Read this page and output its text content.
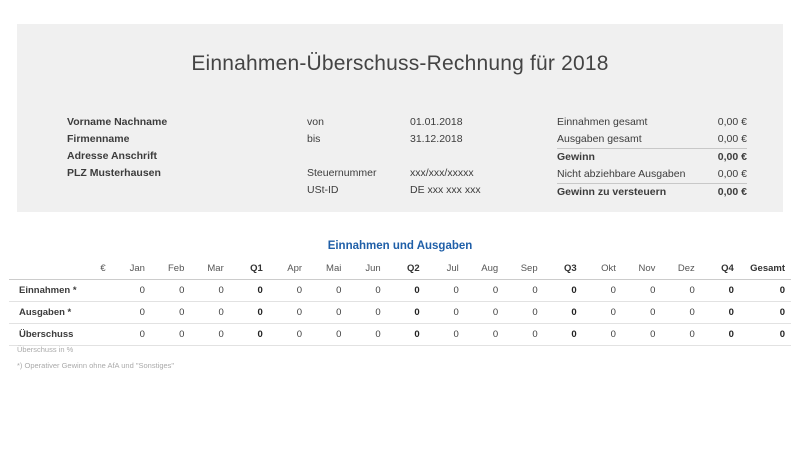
Einnahmen-Überschuss-Rechnung für 2018
Vorname Nachname
Firmenname
Adresse Anschrift
PLZ Musterhausen
von	01.01.2018
bis	31.12.2018
Steuernummer	xxx/xxx/xxxxx
USt-ID	DE xxx xxx xxx
Einnahmen gesamt	0,00 €
Ausgaben gesamt	0,00 €
Gewinn	0,00 €
Nicht abziehbare Ausgaben	0,00 €
Gewinn zu versteuern	0,00 €
Einnahmen und Ausgaben
€	Jan	Feb	Mar	Q1	Apr	Mai	Jun	Q2	Jul	Aug	Sep	Q3	Okt	Nov	Dez	Q4	Gesamt
Einnahmen *	0	0	0	0	0	0	0	0	0	0	0	0	0	0	0	0	0
Ausgaben *	0	0	0	0	0	0	0	0	0	0	0	0	0	0	0	0	0
Überschuss	0	0	0	0	0	0	0	0	0	0	0	0	0	0	0	0	0
Überschuss in %
*) Operativer Gewinn ohne AfA und "Sonstiges"
